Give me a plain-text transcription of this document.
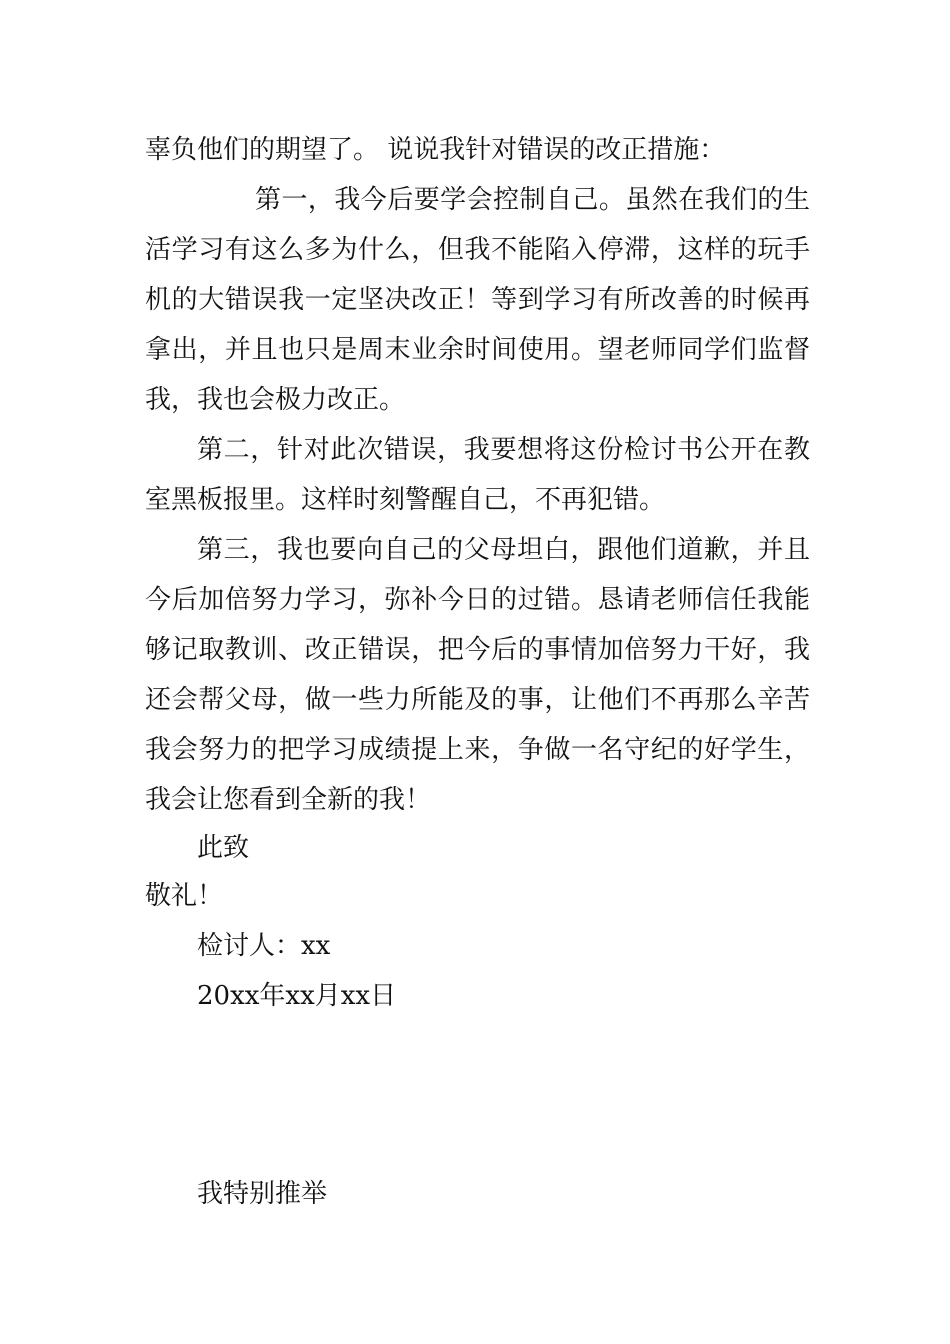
辜负他们的期望了。 说说我针对错误的改正措施：
第一，我今后要学会控制自己。虽然在我们的生
活学习有这么多为什么，但我不能陷入停滞，这样的玩手
机的大错误我一定坚决改正！等到学习有所改善的时候再
拿出，并且也只是周末业余时间使用。望老师同学们监督
我，我也会极力改正。
第二，针对此次错误，我要想将这份检讨书公开在教
室黑板报里。这样时刻警醒自己，不再犯错。
第三，我也要向自己的父母坦白，跟他们道歉，并且
今后加倍努力学习，弥补今日的过错。恳请老师信任我能
够记取教训、改正错误，把今后的事情加倍努力干好，我
还会帮父母，做一些力所能及的事，让他们不再那么辛苦
我会努力的把学习成绩提上来，争做一名守纪的好学生，
我会让您看到全新的我！
此致
敬礼！
检讨人：xx
20xx年xx月xx日
我特别推举
